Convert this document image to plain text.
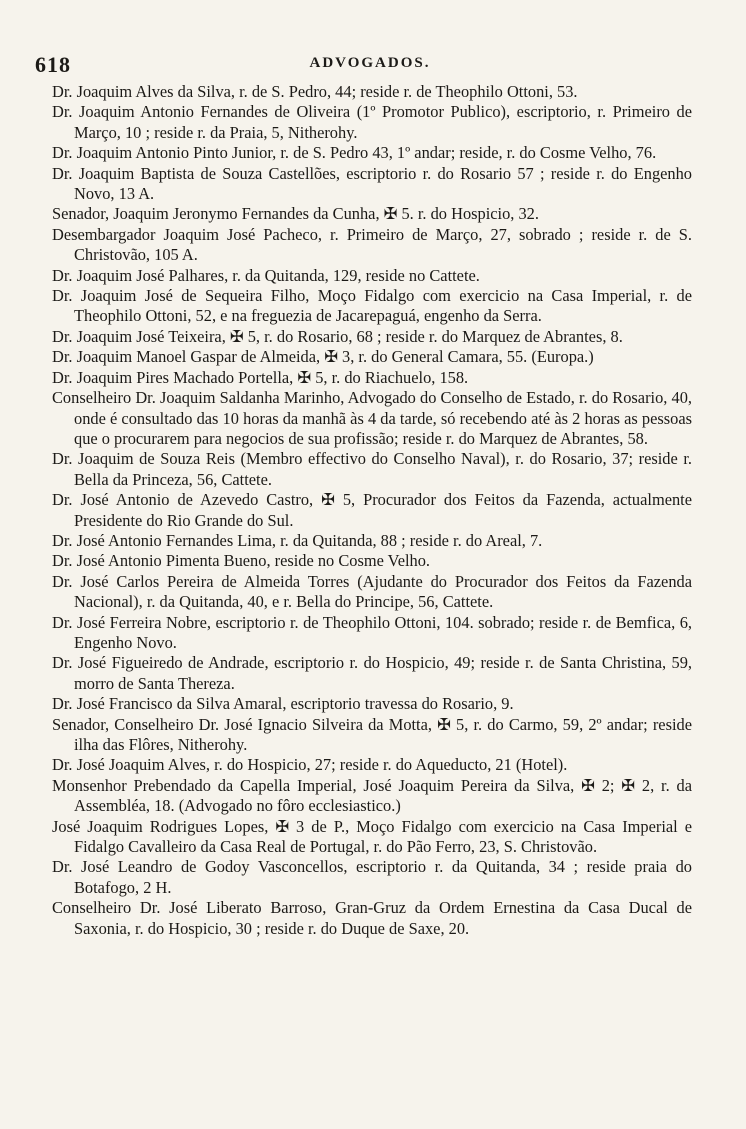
618	ADVOGADOS.
Dr. Joaquim Alves da Silva, r. de S. Pedro, 44; reside r. de Theophilo Ottoni, 53.
Dr. Joaquim Antonio Fernandes de Oliveira (1º Promotor Publico), escriptorio, r. Primeiro de Março, 10 ; reside r. da Praia, 5, Nitherohy.
Dr. Joaquim Antonio Pinto Junior, r. de S. Pedro 43, 1º andar; reside, r. do Cosme Velho, 76.
Dr. Joaquim Baptista de Souza Castellões, escriptorio r. do Rosario 57 ; reside r. do Engenho Novo, 13 A.
Senador, Joaquim Jeronymo Fernandes da Cunha, ✠ 5. r. do Hospicio, 32.
Desembargador Joaquim José Pacheco, r. Primeiro de Março, 27, sobrado ; reside r. de S. Christovão, 105 A.
Dr. Joaquim José Palhares, r. da Quitanda, 129, reside no Cattete.
Dr. Joaquim José de Sequeira Filho, Moço Fidalgo com exercicio na Casa Imperial, r. de Theophilo Ottoni, 52, e na freguezia de Jacarepaguá, engenho da Serra.
Dr. Joaquim José Teixeira, ✠ 5, r. do Rosario, 68 ; reside r. do Marquez de Abrantes, 8.
Dr. Joaquim Manoel Gaspar de Almeida, ✠ 3, r. do General Camara, 55. (Europa.)
Dr. Joaquim Pires Machado Portella, ✠ 5, r. do Riachuelo, 158.
Conselheiro Dr. Joaquim Saldanha Marinho, Advogado do Conselho de Estado, r. do Rosario, 40, onde é consultado das 10 horas da manhã às 4 da tarde, só recebendo até às 2 horas as pessoas que o procurarem para negocios de sua profissão; reside r. do Marquez de Abrantes, 58.
Dr. Joaquim de Souza Reis (Membro effectivo do Conselho Naval), r. do Rosario, 37; reside r. Bella da Princeza, 56, Cattete.
Dr. José Antonio de Azevedo Castro, ✠ 5, Procurador dos Feitos da Fazenda, actualmente Presidente do Rio Grande do Sul.
Dr. José Antonio Fernandes Lima, r. da Quitanda, 88 ; reside r. do Areal, 7.
Dr. José Antonio Pimenta Bueno, reside no Cosme Velho.
Dr. José Carlos Pereira de Almeida Torres (Ajudante do Procurador dos Feitos da Fazenda Nacional), r. da Quitanda, 40, e r. Bella do Principe, 56, Cattete.
Dr. José Ferreira Nobre, escriptorio r. de Theophilo Ottoni, 104. sobrado; reside r. de Bemfica, 6, Engenho Novo.
Dr. José Figueiredo de Andrade, escriptorio r. do Hospicio, 49; reside r. de Santa Christina, 59, morro de Santa Thereza.
Dr. José Francisco da Silva Amaral, escriptorio travessa do Rosario, 9.
Senador, Conselheiro Dr. José Ignacio Silveira da Motta, ✠ 5, r. do Carmo, 59, 2º andar; reside ilha das Flôres, Nitherohy.
Dr. José Joaquim Alves, r. do Hospicio, 27; reside r. do Aqueducto, 21 (Hotel).
Monsenhor Prebendado da Capella Imperial, José Joaquim Pereira da Silva, ✠ 2; ✠ 2, r. da Assembléa, 18. (Advogado no fôro ecclesiastico.)
José Joaquim Rodrigues Lopes, ✠ 3 de P., Moço Fidalgo com exercicio na Casa Imperial e Fidalgo Cavalleiro da Casa Real de Portugal, r. do Pão Ferro, 23, S. Christovão.
Dr. José Leandro de Godoy Vasconcellos, escriptorio r. da Quitanda, 34 ; reside praia do Botafogo, 2 H.
Conselheiro Dr. José Liberato Barroso, Gran-Gruz da Ordem Ernestina da Casa Ducal de Saxonia, r. do Hospicio, 30 ; reside r. do Duque de Saxe, 20.
